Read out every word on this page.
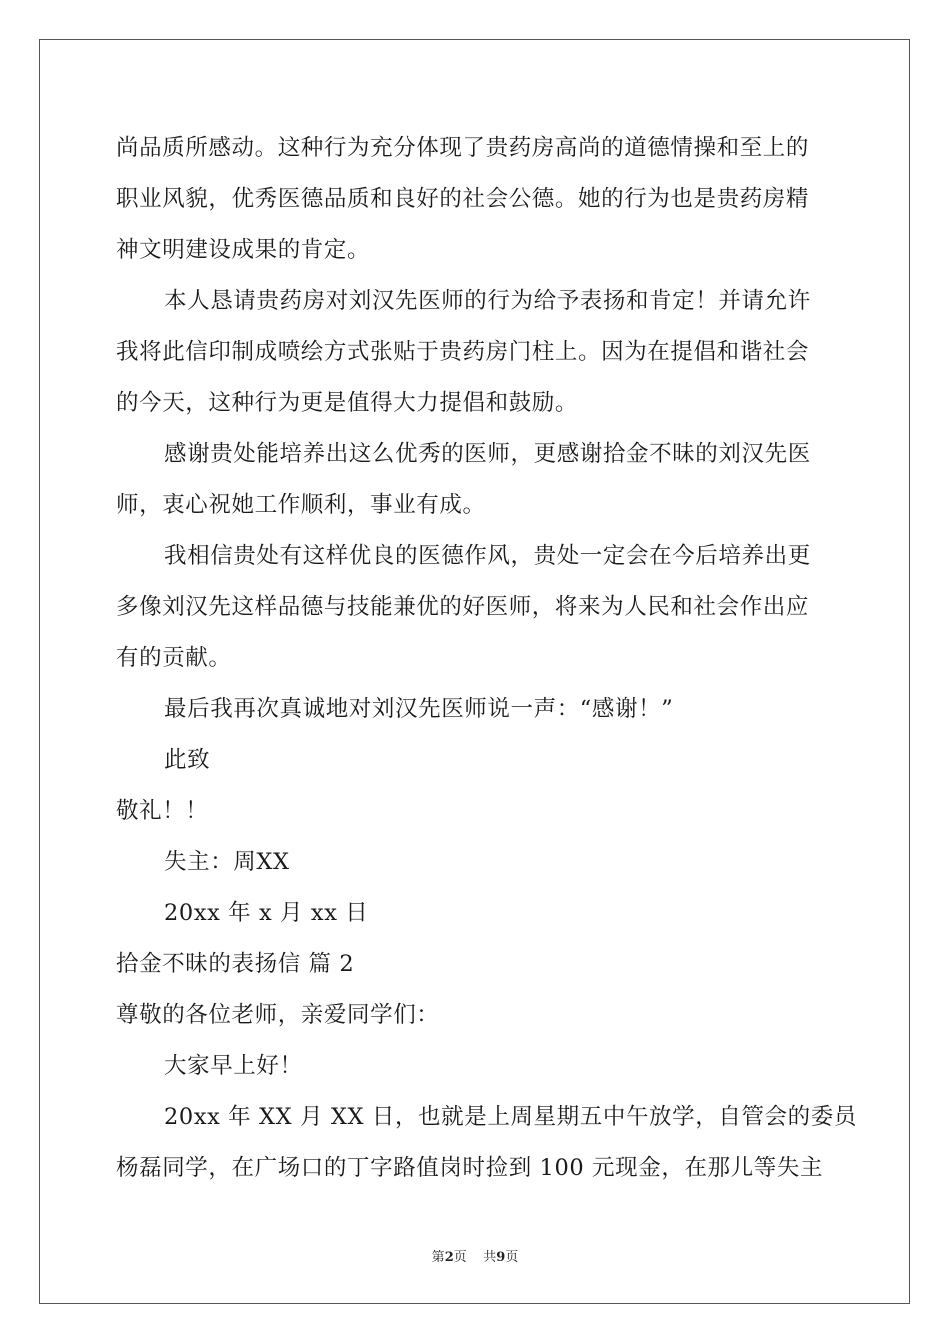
尚品质所感动。这种行为充分体现了贵药房高尚的道德情操和至上的
职业风貌，优秀医德品质和良好的社会公德。她的行为也是贵药房精
神文明建设成果的肯定。
本人恳请贵药房对刘汉先医师的行为给予表扬和肯定！并请允许
我将此信印制成喷绘方式张贴于贵药房门柱上。因为在提倡和谐社会
的今天，这种行为更是值得大力提倡和鼓励。
感谢贵处能培养出这么优秀的医师，更感谢拾金不昧的刘汉先医
师，衷心祝她工作顺利，事业有成。
我相信贵处有这样优良的医德作风，贵处一定会在今后培养出更
多像刘汉先这样品德与技能兼优的好医师，将来为人民和社会作出应
有的贡献。
最后我再次真诚地对刘汉先医师说一声：“感谢！”
此致
敬礼！！
失主：周XX
20xx 年 x 月 xx 日
拾金不昧的表扬信 篇 2
尊敬的各位老师，亲爱同学们：
大家早上好！
20xx 年 XX 月 XX 日，也就是上周星期五中午放学，自管会的委员
杨磊同学，在广场口的丁字路值岗时捡到 100 元现金，在那儿等失主
第2页    共9页
